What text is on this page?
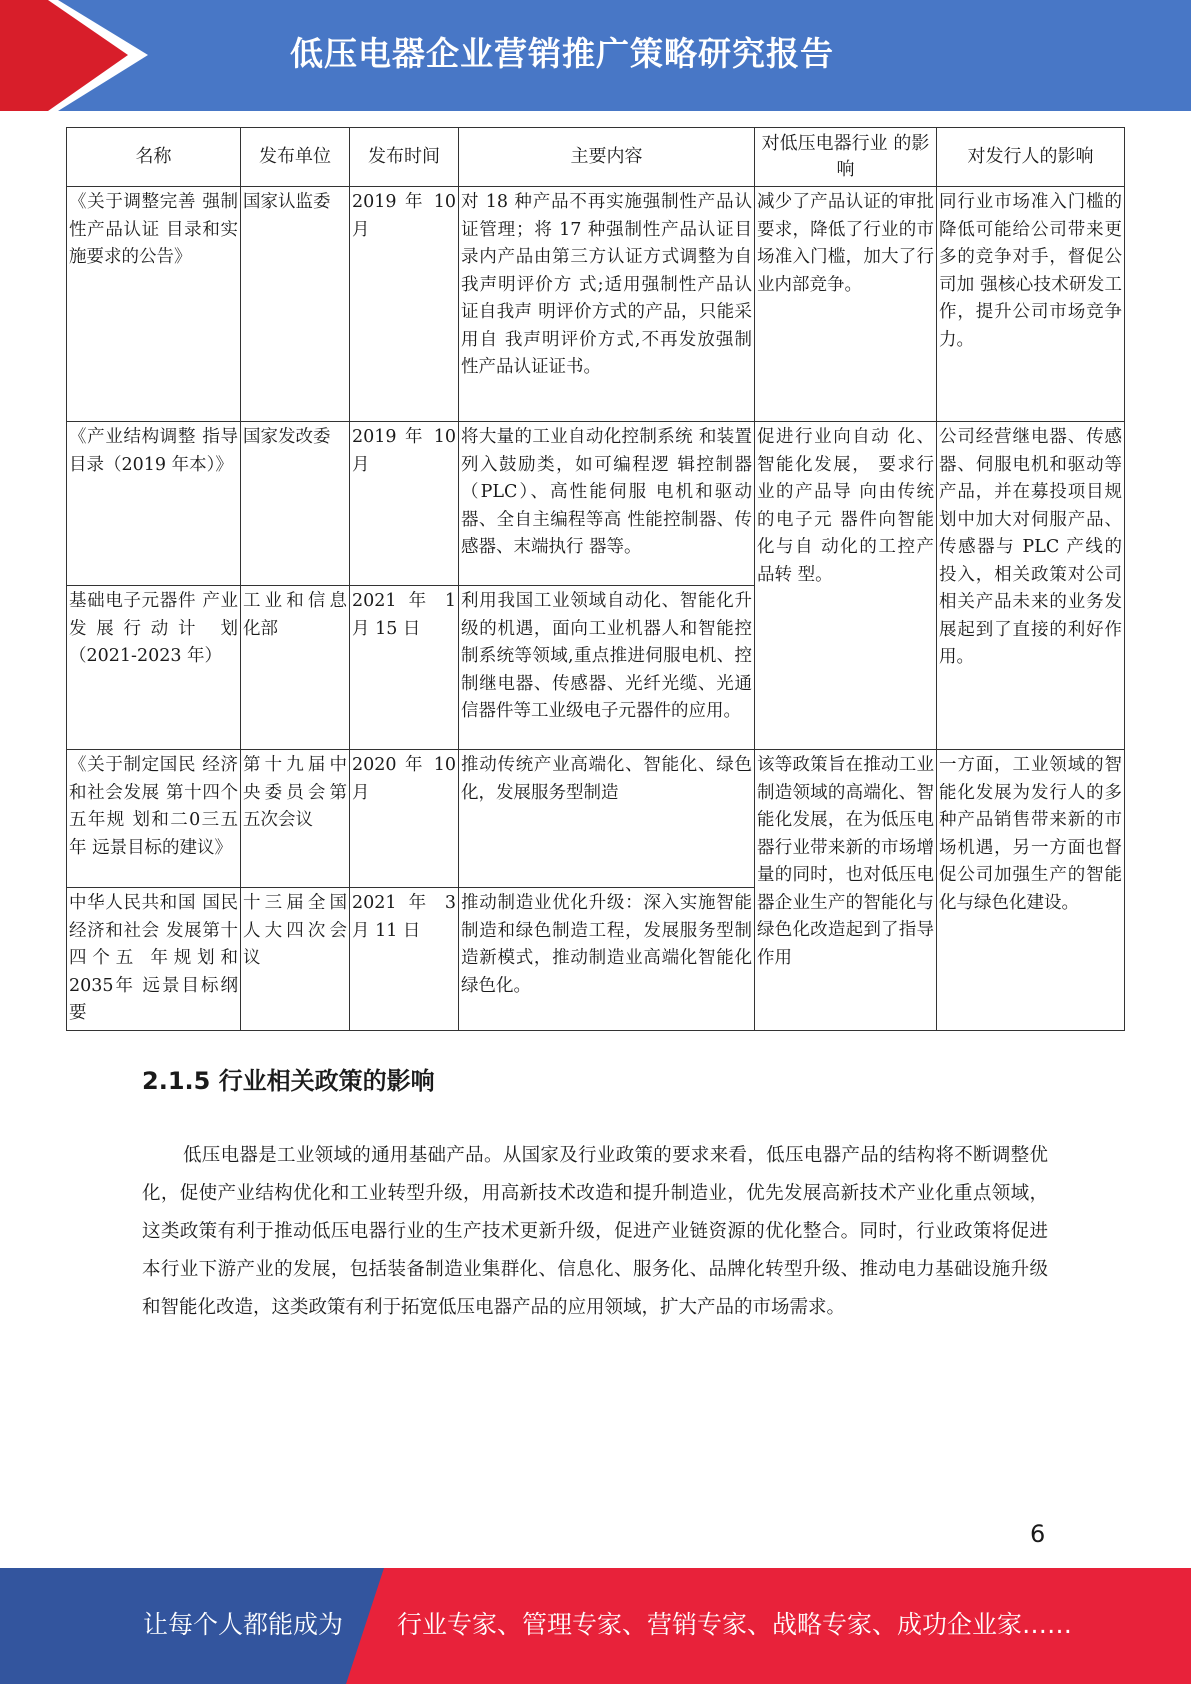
低压电器企业营销推广策略研究报告
名称	发布单位	发布时间	主要内容	对低压电器行业 的影响	对发行人的影响
《关于调整完善 强制性产品认证 目录和实施要求的公告》	国家认监委	2019 年 10 月	对 18 种产品不再实施强制性产品认证管理；将 17 种强制性产品认证目录内产品由第三方认证方式调整为自我声明评价方 式;适用强制性产品认证自我声 明评价方式的产品，只能采用自 我声明评价方式,不再发放强制 性产品认证证书。	减少了产品认证的审批要求，降低了行业的市场准入门槛，加大了行业内部竞争。	同行业市场准入门槛的降低可能给公司带来更多的竞争对手，督促公司加 强核心技术研发工作，提升公司市场竞争力。
《产业结构调整 指导目录（2019 年本）》	国家发改委	2019 年 10 月	将大量的工业自动化控制系统 和装置列入鼓励类，如可编程逻 辑控制器（PLC）、高性能伺服 电机和驱动器、全自主编程等高 性能控制器、传感器、末端执行 器等。	促进行业向自动 化、智能化发展， 要求行业的产品导 向由传统的电子元 器件向智能化与自 动化的工控产品转 型。	公司经营继电器、传感器、伺服电机和驱动等产品，并在募投项目规划中加大对伺服产品、传感器与 PLC 产线的投入，相关政策对公司相关产品未来的业务发展起到了直接的利好作 用。
基础电子元器件 产业发展行动计 划（2021-2023 年）	工业和信息化部	2021 年 1 月 15 日	利用我国工业领域自动化、智能化升级的机遇，面向工业机器人和智能控制系统等领域,重点推进伺服电机、控制继电器、传感器、光纤光缆、光通信器件等工业级电子元器件的应用。		
《关于制定国民 经济和社会发展 第十四个五年规 划和二0三五年 远景目标的建议》	第十九届中央委员会第五次会议	2020 年 10 月	推动传统产业高端化、智能化、绿色化，发展服务型制造	该等政策旨在推动工业制造领域的高端化、智能化发展，在为低压电器行业带来新的市场增量的同时，也对低压电器企业生产的智能化与绿色化改造起到了指导作用	一方面，工业领域的智能化发展为发行人的多种产品销售带来新的市场机遇，另一方面也督促公司加强生产的智能化与绿色化建设。
中华人民共和国 国民经济和社会 发展第十四个五 年规划和 2035年 远景目标纲要	十三届全国人大四次会议	2021 年 3 月 11 日	推动制造业优化升级：深入实施智能制造和绿色制造工程，发展服务型制造新模式，推动制造业高端化智能化绿色化。		
2.1.5 行业相关政策的影响

低压电器是工业领域的通用基础产品。从国家及行业政策的要求来看，低压电器产品的结构将不断调整优化，促使产业结构优化和工业转型升级，用高新技术改造和提升制造业，优先发展高新技术产业化重点领域，这类政策有利于推动低压电器行业的生产技术更新升级，促进产业链资源的优化整合。同时，行业政策将促进本行业下游产业的发展，包括装备制造业集群化、信息化、服务化、品牌化转型升级、推动电力基础设施升级和智能化改造，这类政策有利于拓宽低压电器产品的应用领域，扩大产品的市场需求。

6
让每个人都能成为 行业专家、管理专家、营销专家、战略专家、成功企业家……
